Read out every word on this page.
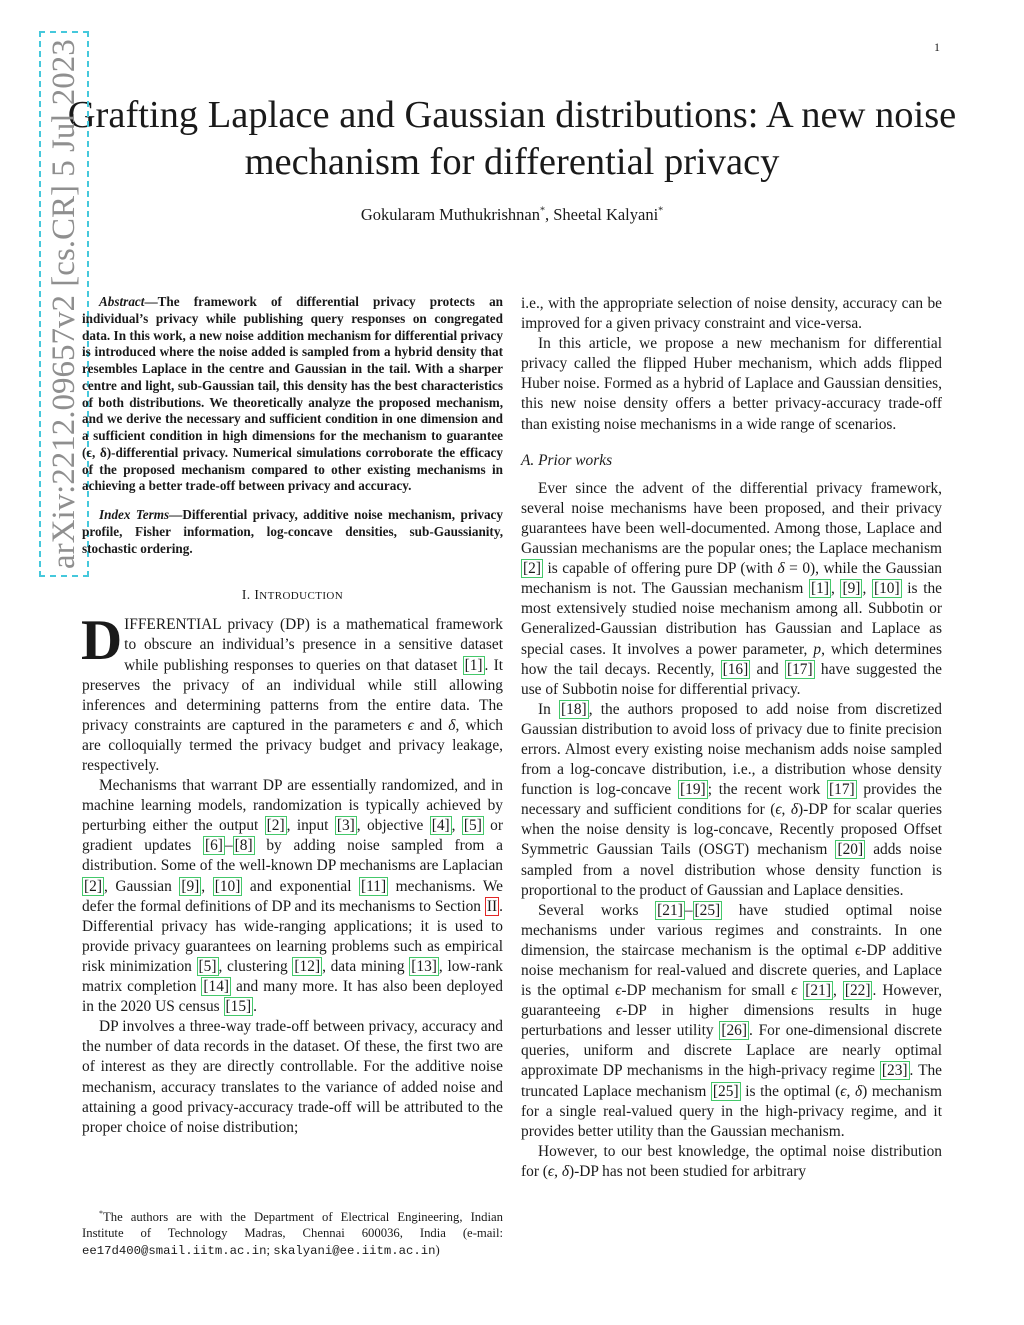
1
Grafting Laplace and Gaussian distributions: A new noise mechanism for differential privacy
Gokularam Muthukrishnan*, Sheetal Kalyani*
arXiv:2212.09657v2 [cs.CR] 5 Jul 2023	Abstract—The framework of differential privacy protects an individual’s privacy while publishing query responses on congregated data. In this work, a new noise addition mechanism for differential privacy is introduced where the noise added is sampled from a hybrid density that resembles Laplace in the centre and Gaussian in the tail. With a sharper centre and light, sub-Gaussian tail, this density has the best characteristics of both distributions. We theoretically analyze the proposed mechanism, and we derive the necessary and sufficient condition in one dimension and a sufficient condition in high dimensions for the mechanism to guarantee (ϵ, δ)-differential privacy. Numerical simulations corroborate the efficacy of the proposed mechanism compared to other existing mechanisms in achieving a better trade-off between privacy and accuracy.

Index Terms—Differential privacy, additive noise mechanism, privacy profile, Fisher information, log-concave densities, sub-Gaussianity, stochastic ordering.

I. INTRODUCTION

DIFFERENTIAL privacy (DP) is a mathematical framework to obscure an individual’s presence in a sensitive dataset while publishing responses to queries on that dataset [1] . It preserves the privacy of an individual while still allowing inferences and determining patterns from the entire data. The privacy constraints are captured in the parameters ϵ and δ, which are colloquially termed the privacy budget and privacy leakage, respectively.

Mechanisms that warrant DP are essentially randomized, and in machine learning models, randomization is typically achieved by perturbing either the output [2] , input [3] , objective [4] , [5] or gradient updates [6] – [8] by adding noise sampled from a distribution. Some of the well-known DP mechanisms are Laplacian [2] , Gaussian [9] , [10] and exponential [11] mechanisms. We defer the formal definitions of DP and its mechanisms to Section II . Differential privacy has wide-ranging applications; it is used to provide privacy guarantees on learning problems such as empirical risk minimization [5] , clustering [12] , data mining [13] , low-rank matrix completion [14] and many more. It has also been deployed in the 2020 US census [15] .

DP involves a three-way trade-off between privacy, accuracy and the number of data records in the dataset. Of these, the first two are of interest as they are directly controllable. For the additive noise mechanism, accuracy translates to the variance of added noise and attaining a good privacy-accuracy trade-off will be attributed to the proper choice of noise distribution;

i.e., with the appropriate selection of noise density, accuracy can be improved for a given privacy constraint and vice-versa.

In this article, we propose a new mechanism for differential privacy called the flipped Huber mechanism, which adds flipped Huber noise. Formed as a hybrid of Laplace and Gaussian densities, this new noise density offers a better privacy-accuracy trade-off than existing noise mechanisms in a wide range of scenarios.

A. Prior works

Ever since the advent of the differential privacy framework, several noise mechanisms have been proposed, and their privacy guarantees have been well-documented. Among those, Laplace and Gaussian mechanisms are the popular ones; the Laplace mechanism [2] is capable of offering pure DP (with δ = 0), while the Gaussian mechanism is not. The Gaussian mechanism [1] , [9] , [10] is the most extensively studied noise mechanism among all. Subbotin or Generalized-Gaussian distribution has Gaussian and Laplace as special cases. It involves a power parameter, p, which determines how the tail decays. Recently, [16] and [17] have suggested the use of Subbotin noise for differential privacy.

In [18] , the authors proposed to add noise from discretized Gaussian distribution to avoid loss of privacy due to finite precision errors. Almost every existing noise mechanism adds noise sampled from a log-concave distribution, i.e., a distribution whose density function is log-concave [19] ; the recent work [17] provides the necessary and sufficient conditions for (ϵ, δ)-DP for scalar queries when the noise density is log-concave, Recently proposed Offset Symmetric Gaussian Tails (OSGT) mechanism [20] adds noise sampled from a novel distribution whose density function is proportional to the product of Gaussian and Laplace densities.

Several works [21] – [25] have studied optimal noise mechanisms under various regimes and constraints. In one dimension, the staircase mechanism is the optimal ϵ-DP additive noise mechanism for real-valued and discrete queries, and Laplace is the optimal ϵ-DP mechanism for small ϵ [21] , [22] . However, guaranteeing ϵ-DP in higher dimensions results in huge perturbations and lesser utility [26] . For one-dimensional discrete queries, uniform and discrete Laplace are nearly optimal approximate DP mechanisms in the high-privacy regime [23] . The truncated Laplace mechanism [25] is the optimal (ϵ, δ) mechanism for a single real-valued query in the high-privacy regime, and it provides better utility than the Gaussian mechanism.

However, to our best knowledge, the optimal noise distribution for (ϵ, δ)-DP has not been studied for arbitrary

*The authors are with the Department of Electrical Engineering, Indian Institute of Technology Madras, Chennai 600036, India (e-mail: ee17d400@smail.iitm.ac.in; skalyani@ee.iitm.ac.in)
